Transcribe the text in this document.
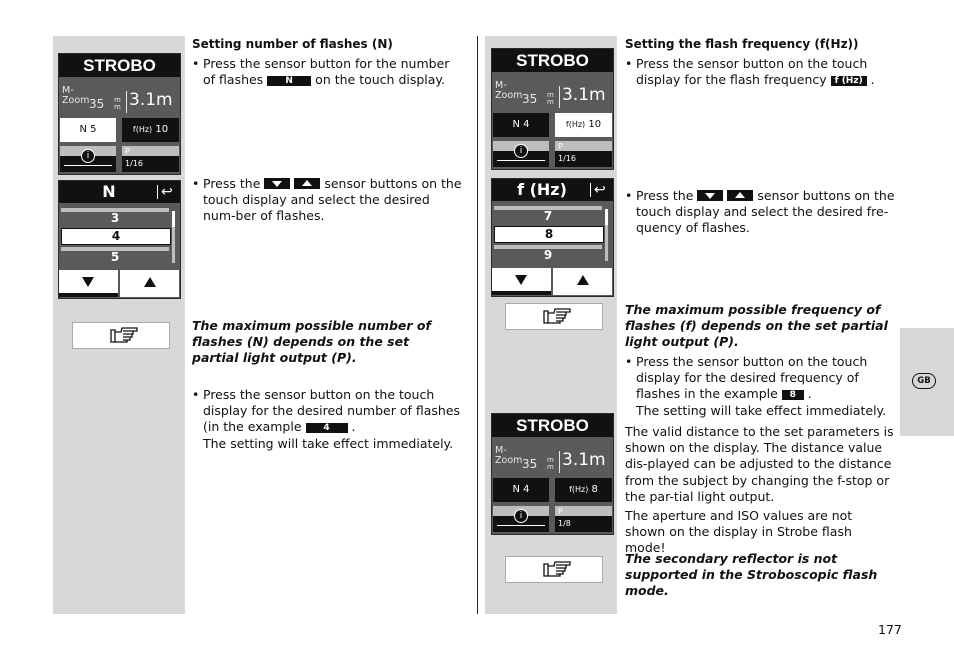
STROBO
M-
Zoom 35 m
m 3.1m
N 5	f(Hz) 10
i	P
1/16
N	↩
3
4
5
STROBO
M-
Zoom 35 m
m 3.1m
N 4	f(Hz) 10
i	P
1/16
f (Hz)	↩
7
8
9
STROBO
M-
Zoom 35 m
m 3.1m
N 4	f(Hz) 8
i	P
1/8
Setting number of flashes (N)
• Press the sensor button for the number of flashes N on the touch display.
• Press the	sensor buttons on the touch display and select the desired num-ber of flashes.
The maximum possible number of flashes (N) depends on the set partial light output (P).
• Press the sensor button on the touch display for the desired number of flashes (in the example 4 .
The setting will take effect immediately.
Setting the flash frequency (f(Hz))
• Press the sensor button on the touch display for the flash frequency f (Hz) .
• Press the	sensor buttons on the touch display and select the desired fre-quency of flashes.
The maximum possible frequency of flashes (f) depends on the set partial light output (P).
• Press the sensor button on the touch display for the desired frequency of flashes in the example 8 .
The setting will take effect immediately.
The valid distance to the set parameters is shown on the display. The distance value dis-played can be adjusted to the distance from the subject by changing the f-stop or the par-tial light output.
The aperture and ISO values are not shown on the display in Strobe flash mode!
The secondary reflector is not supported in the Stroboscopic flash mode.
GB
177
